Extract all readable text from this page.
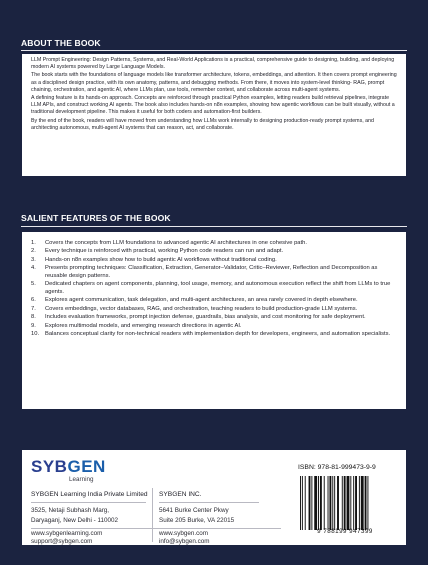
ABOUT THE BOOK

LLM Prompt Engineering: Design Patterns, Systems, and Real-World Applications is a practical, comprehensive guide to designing, building, and deploying modern AI systems powered by Large Language Models.

The book starts with the foundations of language models like transformer architecture, tokens, embeddings, and attention. It then covers prompt engineering as a disciplined design practice, with its own anatomy, patterns, and debugging methods. From there, it moves into system-level thinking- RAG, prompt chaining, orchestration, and agentic AI, where LLMs plan, use tools, remember context, and collaborate across multi-agent systems.

A defining feature is its hands-on approach. Concepts are reinforced through practical Python examples, letting readers build retrieval pipelines, integrate LLM APIs, and construct working AI agents. The book also includes hands-on n8n examples, showing how agentic workflows can be built visually, without a traditional development pipeline. This makes it useful for both coders and automation-first builders.

By the end of the book, readers will have moved from understanding how LLMs work internally to designing production-ready prompt systems, and architecting autonomous, multi-agent AI systems that can reason, act, and collaborate.

SALIENT FEATURES OF THE BOOK
1. Covers the concepts from LLM foundations to advanced agentic AI architectures in one cohesive path.
2. Every technique is reinforced with practical, working Python code readers can run and adapt.
3. Hands-on n8n examples show how to build agentic AI workflows without traditional coding.
4. Presents prompting techniques: Classification, Extraction, Generator–Validator, Critic–Reviewer, Reflection and Decomposition as reusable design patterns.
5. Dedicated chapters on agent components, planning, tool usage, memory, and autonomous execution reflect the shift from LLMs to true agents.
6. Explores agent communication, task delegation, and multi-agent architectures, an area rarely covered in depth elsewhere.
7. Covers embeddings, vector databases, RAG, and orchestration, teaching readers to build production-grade LLM systems.
8. Includes evaluation frameworks, prompt injection defense, guardrails, bias analysis, and cost monitoring for safe deployment.
9. Explores multimodal models, and emerging research directions in agentic AI.
10. Balances conceptual clarity for non-technical readers with implementation depth for developers, engineers, and automation specialists.
SYBGEN
Learning
SYBGEN Learning India Private Limited
3525, Netaji Subhash Marg,
Daryaganj, New Delhi - 110002
www.sybgenlearning.com
support@sybgen.com
SYBGEN INC.
5641 Burke Center Pkwy
Suite 205 Burke, VA 22015
www.sybgen.com
info@sybgen.com
ISBN: 978-81-999473-9-9
9 788199 947399
